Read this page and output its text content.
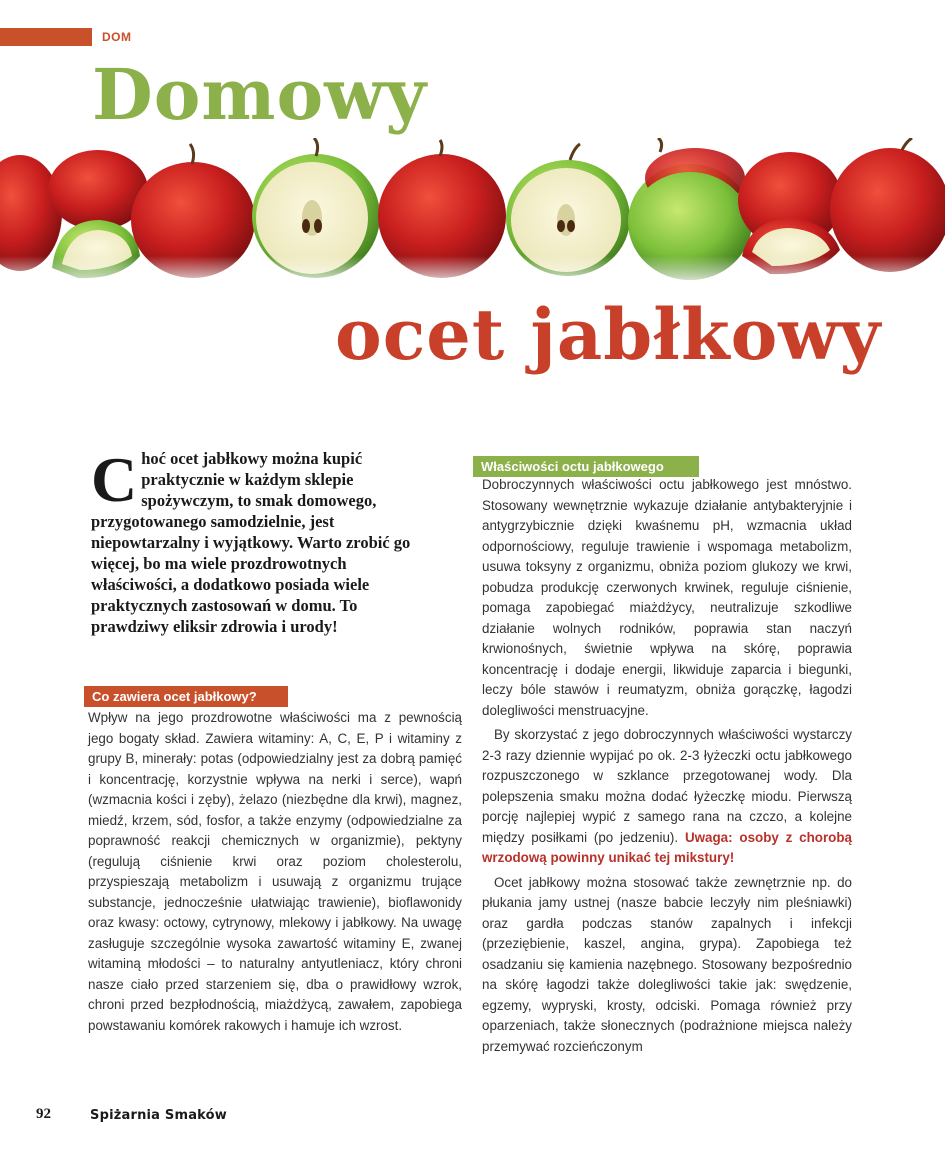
DOM
Domowy
ocet jabłkowy
Choć ocet jabłkowy można kupić praktycznie w każdym sklepie spożywczym, to smak domowego, przygotowanego samodzielnie, jest niepowtarzalny i wyjątkowy. Warto zrobić go więcej, bo ma wiele prozdrowotnych właściwości, a dodatkowo posiada wiele praktycznych zastosowań w domu. To prawdziwy eliksir zdrowia i urody!
Co zawiera ocet jabłkowy?

Wpływ na jego prozdrowotne właściwości ma z pewnością jego bogaty skład. Zawiera witaminy: A, C, E, P i witaminy z grupy B, minerały: potas (odpowiedzialny jest za dobrą pamięć i koncentrację, korzystnie wpływa na nerki i serce), wapń (wzmacnia kości i zęby), żelazo (niezbędne dla krwi), magnez, miedź, krzem, sód, fosfor, a także enzymy (odpowiedzialne za poprawność reakcji chemicznych w organizmie), pektyny (regulują ciśnienie krwi oraz poziom cholesterolu, przyspieszają metabolizm i usuwają z organizmu trujące substancje, jednocześnie ułatwiając trawienie), bioflawonidy oraz kwasy: octowy, cytrynowy, mlekowy i jabłkowy. Na uwagę zasługuje szczególnie wysoka zawartość witaminy E, zwanej witaminą młodości – to naturalny antyutleniacz, który chroni nasze ciało przed starzeniem się, dba o prawidłowy wzrok, chroni przed bezpłodnością, miażdżycą, zawałem, zapobiega powstawaniu komórek rakowych i hamuje ich wzrost.

Właściwości octu jabłkowego

Dobroczynnych właściwości octu jabłkowego jest mnóstwo. Stosowany wewnętrznie wykazuje działanie antybakteryjnie i antygrzybicznie dzięki kwaśnemu pH, wzmacnia układ odpornościowy, reguluje trawienie i wspomaga metabolizm, usuwa toksyny z organizmu, obniża poziom glukozy we krwi, pobudza produkcję czerwonych krwinek, reguluje ciśnienie, pomaga zapobiegać miażdżycy, neutralizuje szkodliwe działanie wolnych rodników, poprawia stan naczyń krwionośnych, świetnie wpływa na skórę, poprawia koncentrację i dodaje energii, likwiduje zaparcia i biegunki, leczy bóle stawów i reumatyzm, obniża gorączkę, łagodzi dolegliwości menstruacyjne.

By skorzystać z jego dobroczynnych właściwości wystarczy 2-3 razy dziennie wypijać po ok. 2-3 łyżeczki octu jabłkowego rozpuszczonego w szklance przegotowanej wody. Dla polepszenia smaku można dodać łyżeczkę miodu. Pierwszą porcję najlepiej wypić z samego rana na czczo, a kolejne między posiłkami (po jedzeniu). Uwaga: osoby z chorobą wrzodową powinny unikać tej mikstury!

Ocet jabłkowy można stosować także zewnętrznie np. do płukania jamy ustnej (nasze babcie leczyły nim pleśniawki) oraz gardła podczas stanów zapalnych i infekcji (przeziębienie, kaszel, angina, grypa). Zapobiega też osadzaniu się kamienia nazębnego. Stosowany bezpośrednio na skórę łagodzi także dolegliwości takie jak: swędzenie, egzemy, wypryski, krosty, odciski. Pomaga również przy oparzeniach, także słonecznych (podrażnione miejsca należy przemywać rozcieńczonym

92	Spiżarnia Smaków
